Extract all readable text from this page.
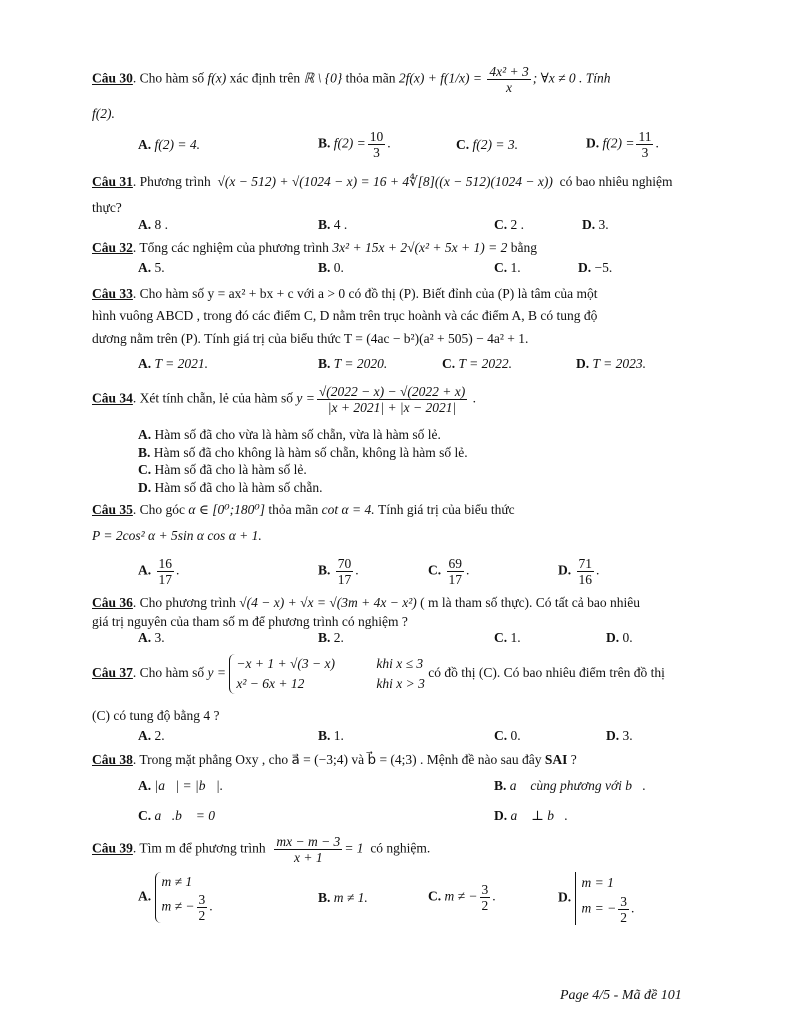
Câu 30. Cho hàm số f(x) xác định trên ℝ \ {0} thỏa mãn $2f(x) + f(1/x) = \frac{\text{4x² + 3}}{x}$ ; ∀x ≠ 0 . Tính
f(2).
A. f(2) = 4.	B. $f(2) = \frac{10}{3}$ .	C. f(2) = 3.	D. $f(2) = \frac{11}{3}$ .
Câu 31. Phương trình √(x − 512) + √(1024 − x) = 16 + 4∜[8]((x − 512)(1024 − x)) có bao nhiêu nghiệm
thực?
A. 8 .	B. 4 .	C. 2 .	D. 3.
Câu 32. Tổng các nghiệm của phương trình 3x² + 15x + 2√(x² + 5x + 1) = 2 bằng
A. 5.	B. 0.	C. 1.	D. −5.
Câu 33. Cho hàm số y = ax² + bx + c với a > 0 có đồ thị (P). Biết đỉnh của (P) là tâm của một
hình vuông ABCD , trong đó các điểm C, D nằm trên trục hoành và các điểm A, B có tung độ
dương nằm trên (P). Tính giá trị của biểu thức T = (4ac − b²)(a² + 505) − 4a² + 1.
A. T = 2021.	B. T = 2020.	C. T = 2022.	D. T = 2023.
Câu 34. Xét tính chẵn, lẻ của hàm số $y = \frac{√(2022 - x) - √(2022 + x)}{|x + 2021| + |x - 2021|}$ .
A. Hàm số đã cho vừa là hàm số chẵn, vừa là hàm số lẻ.
B. Hàm số đã cho không là hàm số chẵn, không là hàm số lẻ.
C. Hàm số đã cho là hàm số lẻ.
D. Hàm số đã cho là hàm số chẵn.
Câu 35. Cho góc α ∈ [0⁰;180⁰] thỏa mãn cot α = 4. Tính giá trị của biểu thức
P = 2cos² α + 5sin α cos α + 1.
A. $\frac{16}{17}$ .	B. $\frac{70}{17}$ .	C. $\frac{69}{17}$ .	D. $\frac{71}{16}$ .
Câu 36. Cho phương trình √(4 − x) + √x = √(3m + 4x − x²) ( m là tham số thực). Có tất cả bao nhiêu
giá trị nguyên của tham số m để phương trình có nghiệm ?
A. 3.	B. 2.	C. 1.	D. 0.
Câu 37. Cho hàm số y = −x + 1 + √(3 − x)	khi x ≤ 3
x² − 6x + 12	khi x > 3 có đồ thị (C). Có bao nhiêu điểm trên đồ thị
(C) có tung độ bằng 4 ?
A. 2.	B. 1.	C. 0.	D. 3.
Câu 38. Trong mặt phẳng Oxy , cho a⃗ = (−3;4) và b⃗ = (4;3) . Mệnh đề nào sau đây SAI ?
A. |a⃗| = |b⃗|.	B. a⃗ cùng phương với b⃗.
C. a⃗.b⃗ = 0	D. a⃗ ⊥ b⃗.
Câu 39. Tìm m để phương trình $\frac{mx - m - 3}{x + 1} = 1$ có nghiệm.
A. m ≠ 1
m ≠ − $\frac{3}{2}$ .
B. m ≠ 1.	C. m ≠ − $\frac{3}{2}$ .	D. m = 1
m = − $\frac{3}{2}$ .
Page 4/5 - Mã đề 101
